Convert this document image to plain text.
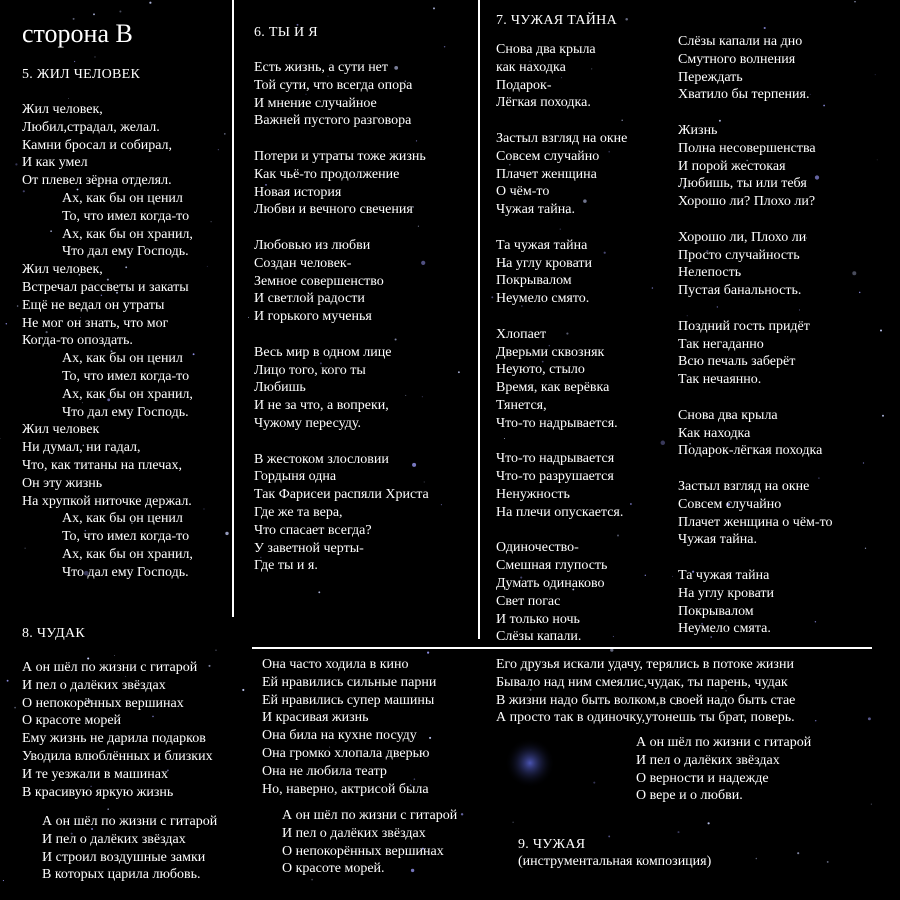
сторона В
5. ЖИЛ ЧЕЛОВЕК
Жил человек,
Любил,страдал, желал.
Камни бросал и собирал,
И как умел
От плевел зёрна отделял.
Ах, как бы он ценил
То, что имел когда-то
Ах, как бы он хранил,
Что дал ему Господь.
Жил человек,
Встречал рассветы и закаты
Ещё не ведал он утраты
Не мог он знать, что мог
Когда-то опоздать.
Ах, как бы он ценил
То, что имел когда-то
Ах, как бы он хранил,
Что дал ему Господь.
Жил человек
Ни думал, ни гадал,
Что, как титаны на плечах,
Он эту жизнь
На хрупкой ниточке держал.
Ах, как бы он ценил
То, что имел когда-то
Ах, как бы он хранил,
Что дал ему Господь.
6. ТЫ И Я
Есть жизнь, а сути нет
Той сути, что всегда опора
И мнение случайное
Важней пустого разговора
Потери и утраты тоже жизнь
Как чьё-то продолжение
Новая история
Любви и вечного свечения
Любовью из любви
Создан человек-
Земное совершенство
И светлой радости
И горького мученья
Весь мир в одном лице
Лицо того, кого ты
Любишь
И не за что, а вопреки,
Чужому пересуду.
В жестоком злословии
Гордыня одна
Так Фарисеи распяли Христа
Где же та вера,
Что спасает всегда?
У заветной черты-
Где ты и я.
7. ЧУЖАЯ ТАЙНА
Снова два крыла
как находка
Подарок-
Лёгкая походка.
Застыл взгляд на окне
Совсем случайно
Плачет женщина
О чём-то
Чужая тайна.
Та чужая тайна
На углу кровати
Покрывалом
Неумело смято.
Хлопает
Дверьми сквозняк
Неуюто, стыло
Время, как верёвка
Тянется,
Что-то надрывается.
Что-то надрывается
Что-то разрушается
Ненужность
На плечи опускается.
Одиночество-
Смешная глупость
Думать одинаково
Свет погас
И только ночь
Слёзы капали.
Слёзы капали на дно
Смутного волнения
Переждать
Хватило бы терпения.
Жизнь
Полна несовершенства
И порой жестокая
Любишь, ты или тебя
Хорошо ли? Плохо ли?
Хорошо ли, Плохо ли
Просто случайность
Нелепость
Пустая банальность.
Поздний гость придёт
Так негаданно
Всю печаль заберёт
Так нечаянно.
Снова два крыла
Как находка
Подарок-лёгкая походка
Застыл взгляд на окне
Совсем случайно
Плачет женщина о чём-то
Чужая тайна.
Та чужая тайна
На углу кровати
Покрывалом
Неумело смята.
8. ЧУДАК
А он шёл по жизни с гитарой
И пел о далёких звёздах
О непокорённых вершинах
О красоте морей
Ему жизнь не дарила подарков
Уводила влюблённых и близких
И те уезжали в машинах
В красивую яркую жизнь
А он шёл по жизни с гитарой
И пел о далёких звёздах
И строил воздушные замки
В которых царила любовь.
Она часто ходила в кино
Ей нравились сильные парни
Ей нравились супер машины
И красивая жизнь
Она била на кухне посуду
Она громко хлопала дверью
Она не любила театр
Но, наверно, актрисой была
А он шёл по жизни с гитарой
И пел о далёких звёздах
О непокорённых вершинах
О красоте морей.
Его друзья искали удачу, терялись в потоке жизни
Бывало над ним смеялис,чудак, ты парень, чудак
В жизни надо быть волком,в своей надо быть стае
А просто так в одиночку,утонешь ты брат, поверь.
А он шёл по жизни с гитарой
И пел о далёких звёздах
О верности и надежде
О вере и о любви.
9. ЧУЖАЯ

(инструментальная композиция)
